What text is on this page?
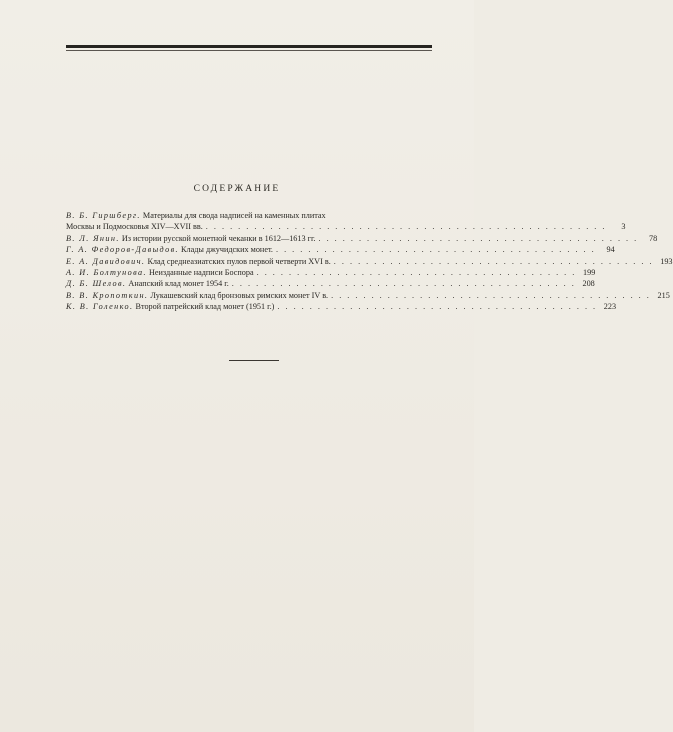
СОДЕРЖАНИЕ
В. Б. Гиршберг. Материалы для свода надписей на каменных плитах
Москвы и Подмосковья XIV—XVII вв. . . . . . . . . . . . . . . . . . . . . . . . . . . . . . . . . . . . . . . . . . . . . . . . . . .	3
В. Л. Янин. Из истории русской монетной чеканки в 1612—1613 гг. . . . . . . . . . . . . . . . . . . . . . . . . . . . . . . . . . . . . . . . .	78
Г. А. Федоров-Давыдов. Клады джучидских монет. . . . . . . . . . . . . . . . . . . . . . . . . . . . . . . . . . . . . . . . .	94
Е. А. Давидович. Клад среднеазиатских пулов первой четверти XVI в. . . . . . . . . . . . . . . . . . . . . . . . . . . . . . . . . . . . . . . . . 193
А. И. Болтунова. Неизданные надписи Боспора . . . . . . . . . . . . . . . . . . . . . . . . . . . . . . . . . . . . . . . . 199
Д. Б. Шелов. Анапский клад монет 1954 г. . . . . . . . . . . . . . . . . . . . . . . . . . . . . . . . . . . . . . . . . . . . 208
В. В. Кропоткин. Лукашевский клад бронзовых римских монет IV в. . . . . . . . . . . . . . . . . . . . . . . . . . . . . . . . . . . . . . . . . 215
К. В. Голенко. Второй патрейский клад монет (1951 г.) . . . . . . . . . . . . . . . . . . . . . . . . . . . . . . . . . . . . . . . . 223
